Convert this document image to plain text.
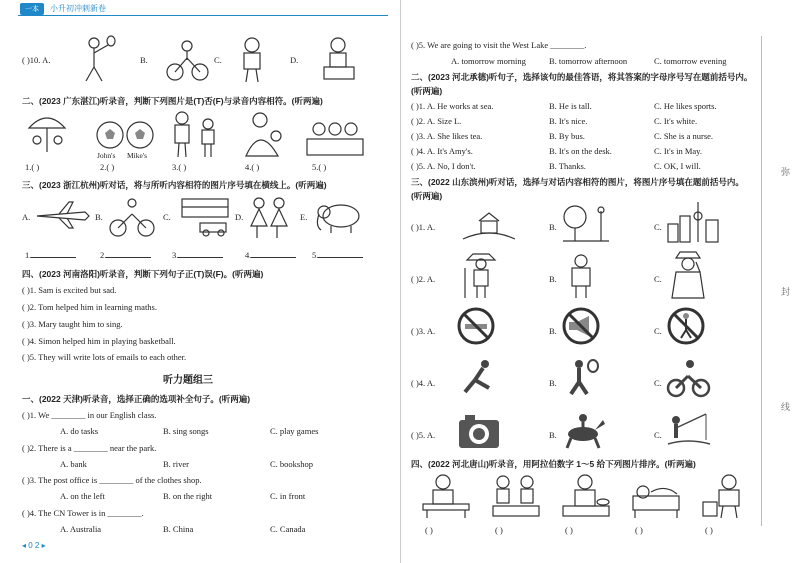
一本	小升初冲刺新卷
( )10. A.	B.	C.	D.
二、(2023 广东湛江)听录音，判断下列图片是(T)否(F)与录音内容相符。(听两遍)
John's Mike's
1.( )	2.( )	3.( )	4.( )	5.( )
三、(2023 浙江杭州)听对话，将与所听内容相符的图片序号填在横线上。(听两遍)
A.	B.	C.	D.	E.
1.	2.	3.	4.	5.
四、(2023 河南洛阳)听录音，判断下列句子正(T)误(F)。(听两遍)
( )1. Sam is excited but sad.
( )2. Tom helped him in learning maths.
( )3. Mary taught him to sing.
( )4. Simon helped him in playing basketball.
( )5. They will write lots of emails to each other.
听力题组三
一、(2022 天津)听录音，选择正确的选项补全句子。(听两遍)
( )1. We ________ in our English class.
A. do tasks	B. sing songs	C. play games
( )2. There is a ________ near the park.
A. bank	B. river	C. bookshop
( )3. The post office is ________ of the clothes shop.
A. on the left	B. on the right	C. in front
( )4. The CN Tower is in ________.
A. Australia	B. China	C. Canada
◂ 0 2 ▸
( )5. We are going to visit the West Lake ________.
A. tomorrow morning	B. tomorrow afternoon	C. tomorrow evening
二、(2023 河北承德)听句子，选择该句的最佳答语，将其答案的字母序号写在题前括号内。
(听两遍)
( )1. A. He works at sea.	B. He is tall.	C. He likes sports.
( )2. A. Size L.	B. It's nice.	C. It's white.
( )3. A. She likes tea.	B. By bus.	C. She is a nurse.
( )4. A. It's Amy's.	B. It's on the desk.	C. It's in May.
( )5. A. No, I don't.	B. Thanks.	C. OK, I will.
三、(2022 山东滨州)听对话，选择与对话内容相符的图片，将图片序号填在题前括号内。
(听两遍)
( )1. A.	B.	C.
( )2. A.	B.	C.
( )3. A.	B.	C.
( )4. A.	B.	C.
( )5. A.	B.	C.
四、(2022 河北唐山)听录音，用阿拉伯数字 1～5 给下列图片排序。(听两遍)
( )	( )	( )	( )	( )
弥
封
线
